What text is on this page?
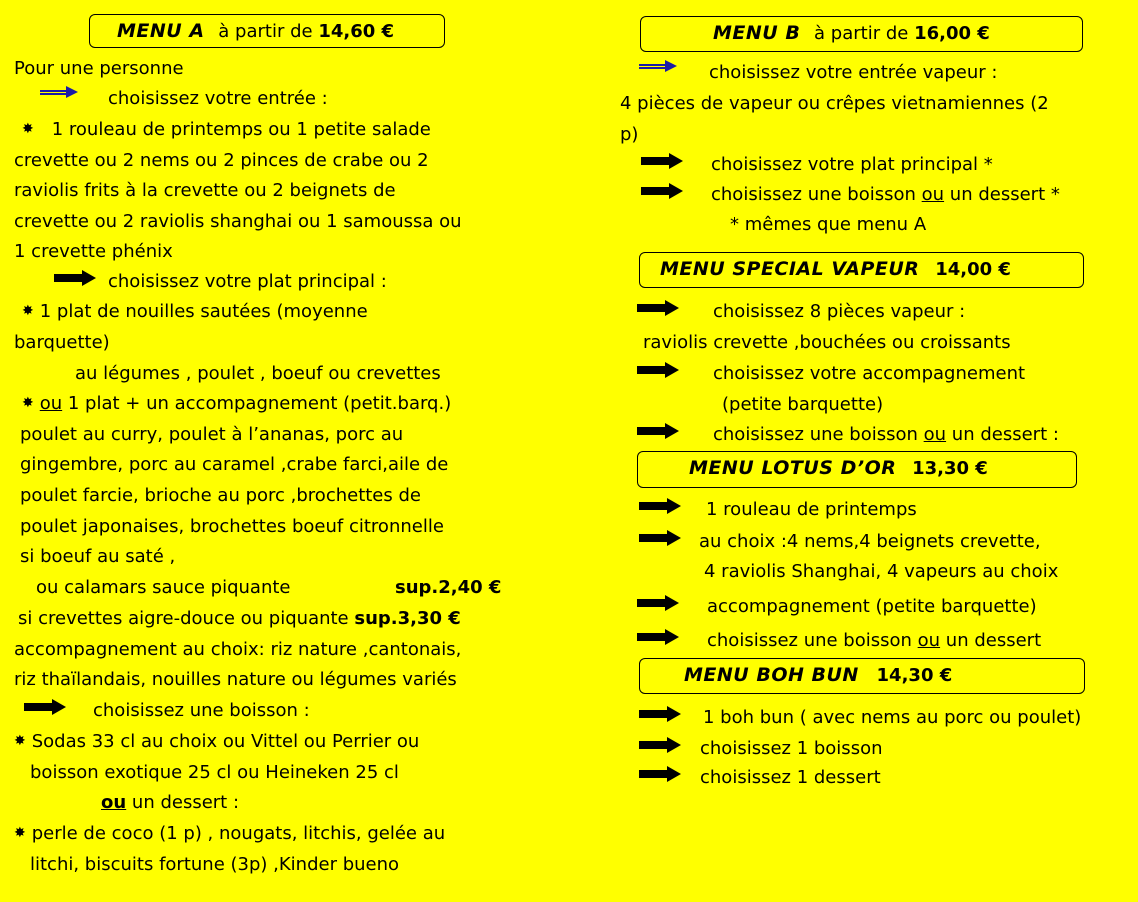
MENU A à partir de 14,60 €
Pour une personne
choisissez votre entrée :
✸ 1 rouleau de printemps ou 1 petite salade
crevette ou 2 nems ou 2 pinces de crabe ou 2
raviolis frits à la crevette ou 2 beignets de
crevette ou 2 raviolis shanghai ou 1 samoussa ou
1 crevette phénix
choisissez votre plat principal :
✸ 1 plat de nouilles sautées (moyenne
barquette)
au légumes , poulet , boeuf ou crevettes
✸ ou 1 plat + un accompagnement (petit.barq.)
poulet au curry, poulet à l’ananas, porc au
gingembre, porc au caramel ,crabe farci,aile de
poulet farcie, brioche au porc ,brochettes de
poulet japonaises, brochettes boeuf citronnelle
si boeuf au saté ,
ou calamars sauce piquante	sup.2,40 €
si crevettes aigre-douce ou piquante sup.3,30 €
accompagnement au choix: riz nature ,cantonais,
riz thaïlandais, nouilles nature ou légumes variés
choisissez une boisson :
✸ Sodas 33 cl au choix ou Vittel ou Perrier ou
boisson exotique 25 cl ou Heineken 25 cl
ou un dessert :
✸ perle de coco (1 p) , nougats, litchis, gelée au
litchi, biscuits fortune (3p) ,Kinder bueno
MENU B à partir de 16,00 €
choisissez votre entrée vapeur :
4 pièces de vapeur ou crêpes vietnamiennes (2
p)
choisissez votre plat principal *
choisissez une boisson ou un dessert *
* mêmes que menu A
MENU SPECIAL VAPEUR 14,00 €
choisissez 8 pièces vapeur :
raviolis crevette ,bouchées ou croissants
choisissez votre accompagnement
(petite barquette)
choisissez une boisson ou un dessert :
MENU LOTUS D’OR 13,30 €
1 rouleau de printemps
au choix :4 nems,4 beignets crevette,
4 raviolis Shanghai, 4 vapeurs au choix
accompagnement (petite barquette)
choisissez une boisson ou un dessert
MENU BOH BUN 14,30 €
1 boh bun ( avec nems au porc ou poulet)
choisissez 1 boisson
choisissez 1 dessert
